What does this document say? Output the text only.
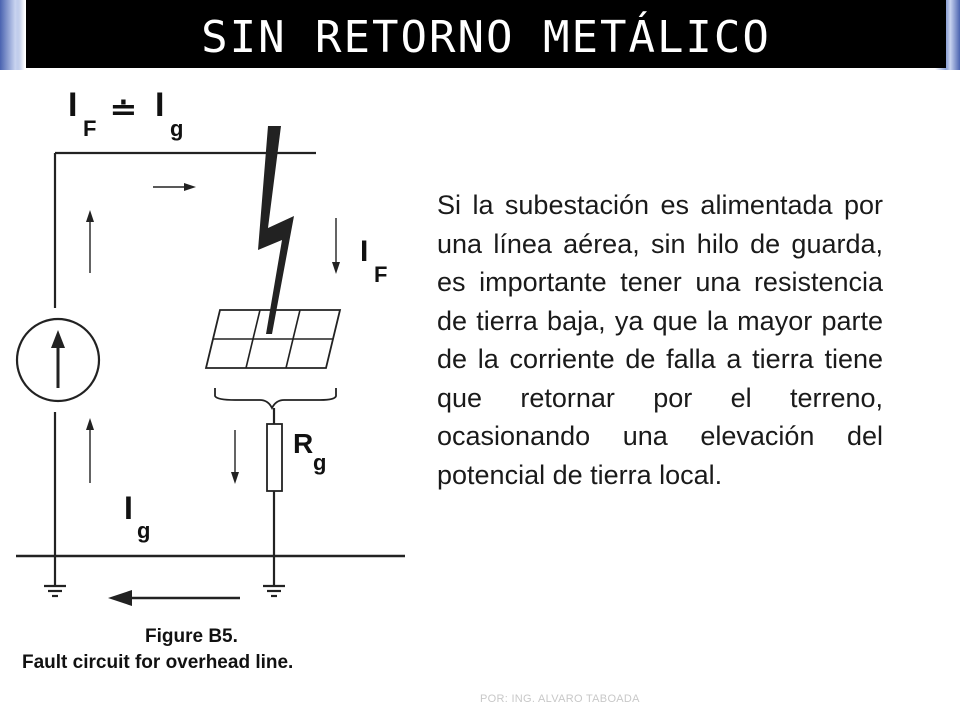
SIN RETORNO METÁLICO
I
F
≐ I
g
I
F
R
g
I
g
Figure B5.
Fault circuit for overhead line.

Si la subestación es alimentada por una línea aérea, sin hilo de guarda, es importante tener una resistencia de tierra baja, ya que la mayor parte de la corriente de falla a tierra tiene que retornar por el terreno, ocasionando una elevación del potencial de tierra local.

POR: ING. ALVARO TABOADA
